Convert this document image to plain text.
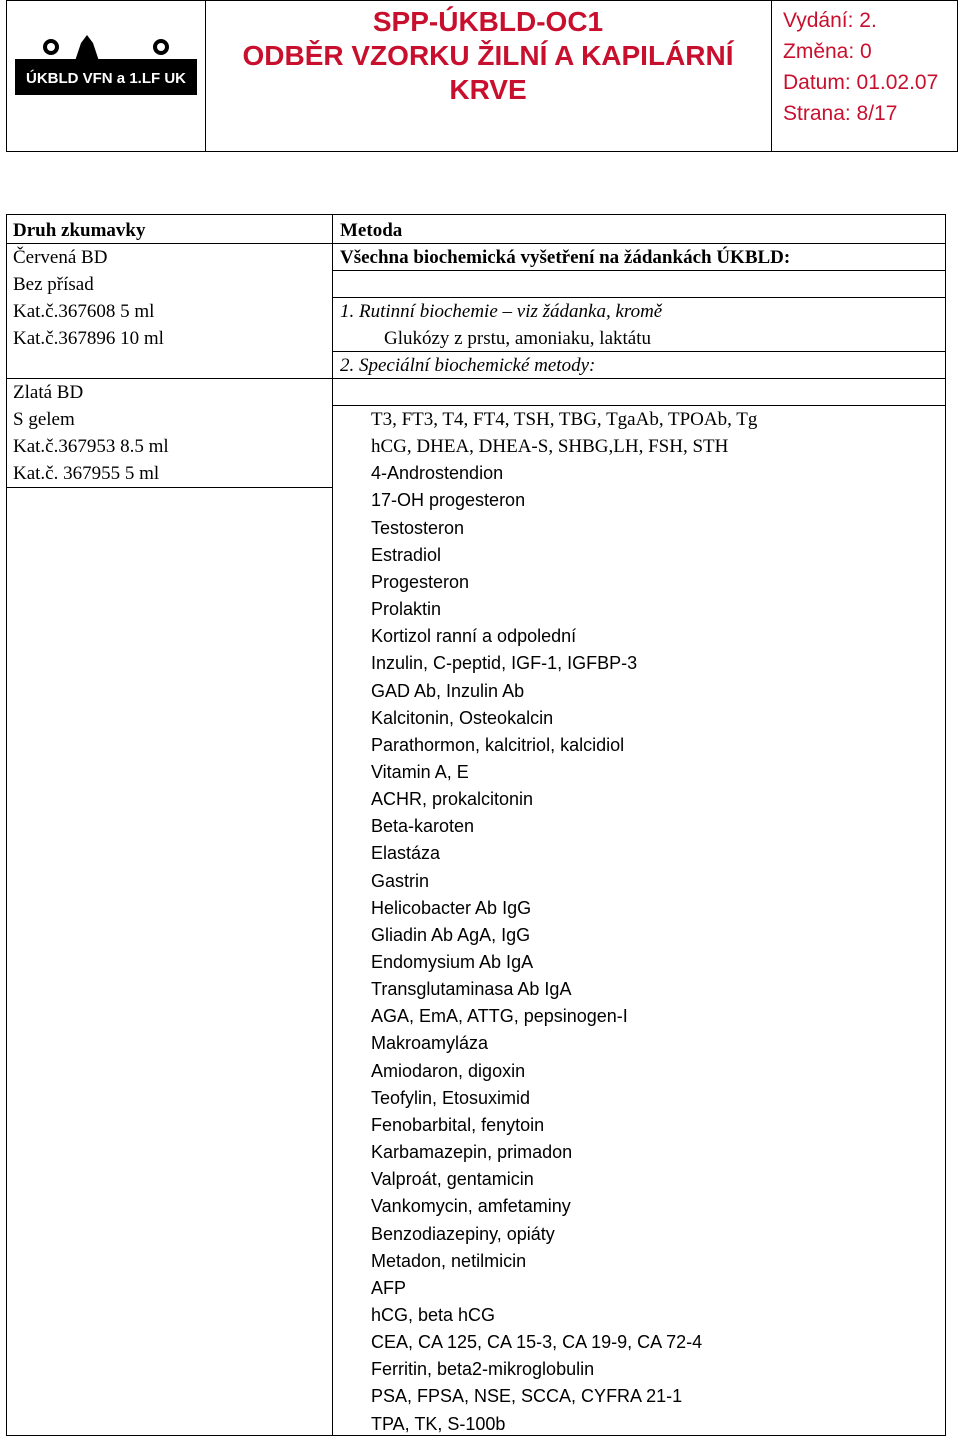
ÚKBLD VFN a 1.LF UK
SPP-ÚKBLD-OC1
ODBĚR VZORKU ŽILNÍ A KAPILÁRNÍ
KRVE
Vydání: 2.
Změna: 0
Datum: 01.02.07
Strana: 8/17
Druh zkumavky
Červená BD
Bez přísad
Kat.č.367608 5 ml
Kat.č.367896 10 ml
Zlatá BD
S gelem
Kat.č.367953 8.5 ml
Kat.č. 367955 5 ml
Metoda
Všechna biochemická vyšetření na žádankách ÚKBLD:
1. Rutinní biochemie – viz žádanka, kromě
Glukózy z prstu, amoniaku, laktátu
2. Speciální biochemické metody:
T3, FT3, T4, FT4, TSH, TBG, TgaAb, TPOAb, Tg
hCG, DHEA, DHEA-S, SHBG,LH, FSH, STH
4-Androstendion
17-OH progesteron
Testosteron
Estradiol
Progesteron
Prolaktin
Kortizol ranní a odpolední
Inzulin, C-peptid, IGF-1, IGFBP-3
GAD Ab, Inzulin Ab
Kalcitonin, Osteokalcin
Parathormon, kalcitriol, kalcidiol
Vitamin A, E
ACHR, prokalcitonin
Beta-karoten
Elastáza
Gastrin
Helicobacter Ab IgG
Gliadin Ab AgA, IgG
Endomysium Ab IgA
Transglutaminasa Ab IgA
AGA, EmA, ATTG, pepsinogen-I
Makroamyláza
Amiodaron, digoxin
Teofylin, Etosuximid
Fenobarbital, fenytoin
Karbamazepin, primadon
Valproát, gentamicin
Vankomycin, amfetaminy
Benzodiazepiny, opiáty
Metadon, netilmicin
AFP
hCG, beta hCG
CEA, CA 125, CA 15-3, CA 19-9, CA 72-4
Ferritin, beta2-mikroglobulin
PSA, FPSA, NSE, SCCA, CYFRA 21-1
TPA, TK, S-100b
